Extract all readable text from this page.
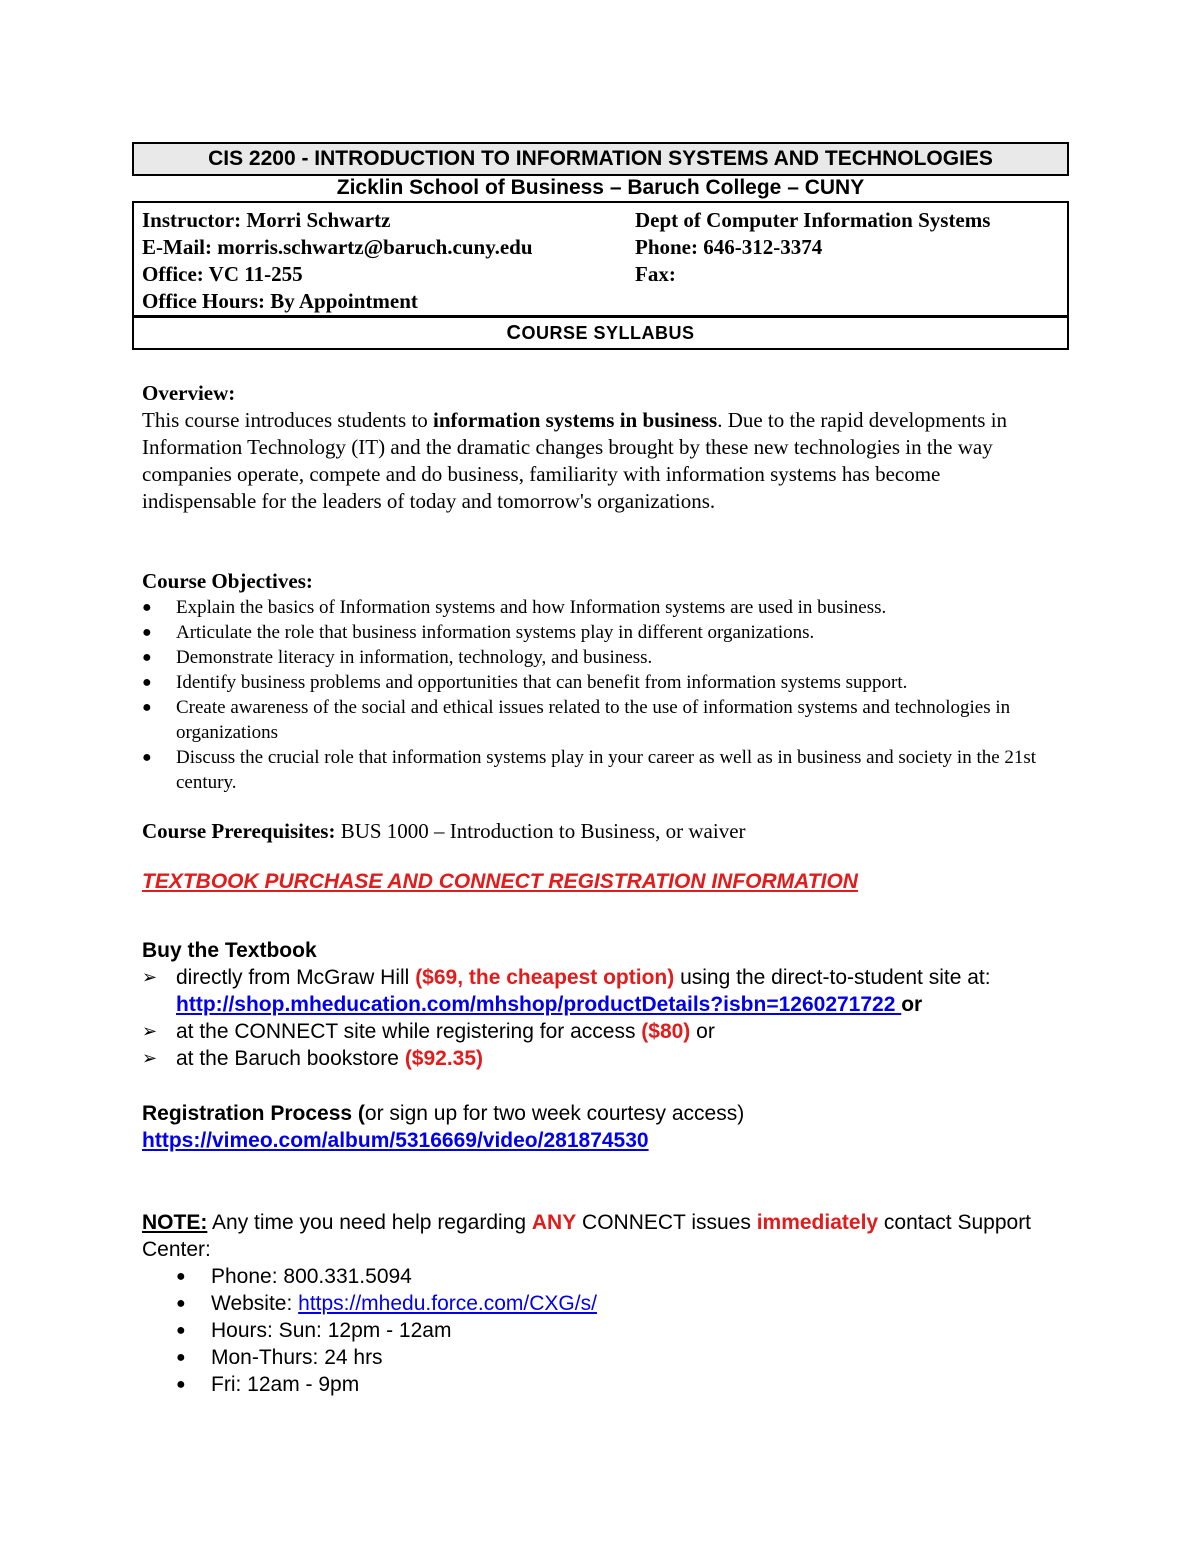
CIS 2200 - INTRODUCTION TO INFORMATION SYSTEMS AND TECHNOLOGIES
Zicklin School of Business – Baruch College – CUNY
Instructor: Morri Schwartz
E-Mail: morris.schwartz@baruch.cuny.edu
Office: VC 11-255
Office Hours: By Appointment
Dept of Computer Information Systems
Phone: 646-312-3374
Fax:
COURSE SYLLABUS
Overview:
This course introduces students to information systems in business. Due to the rapid developments in Information Technology (IT) and the dramatic changes brought by these new technologies in the way companies operate, compete and do business, familiarity with information systems has become indispensable for the leaders of today and tomorrow's organizations.
Course Objectives:
● Explain the basics of Information systems and how Information systems are used in business.
● Articulate the role that business information systems play in different organizations.
● Demonstrate literacy in information, technology, and business.
● Identify business problems and opportunities that can benefit from information systems support.
● Create awareness of the social and ethical issues related to the use of information systems and technologies in organizations
● Discuss the crucial role that information systems play in your career as well as in business and society in the 21st century.
Course Prerequisites: BUS 1000 – Introduction to Business, or waiver
TEXTBOOK PURCHASE AND CONNECT REGISTRATION INFORMATION
Buy the Textbook
➢ directly from McGraw Hill ($69, the cheapest option) using the direct-to-student site at: http://shop.mheducation.com/mhshop/productDetails?isbn=1260271722 or
➢ at the CONNECT site while registering for access ($80) or
➢ at the Baruch bookstore ($92.35)
Registration Process (or sign up for two week courtesy access)
https://vimeo.com/album/5316669/video/281874530
NOTE: Any time you need help regarding ANY CONNECT issues immediately contact Support Center:
● Phone: 800.331.5094
● Website: https://mhedu.force.com/CXG/s/
● Hours: Sun: 12pm - 12am
● Mon-Thurs: 24 hrs
● Fri: 12am - 9pm
